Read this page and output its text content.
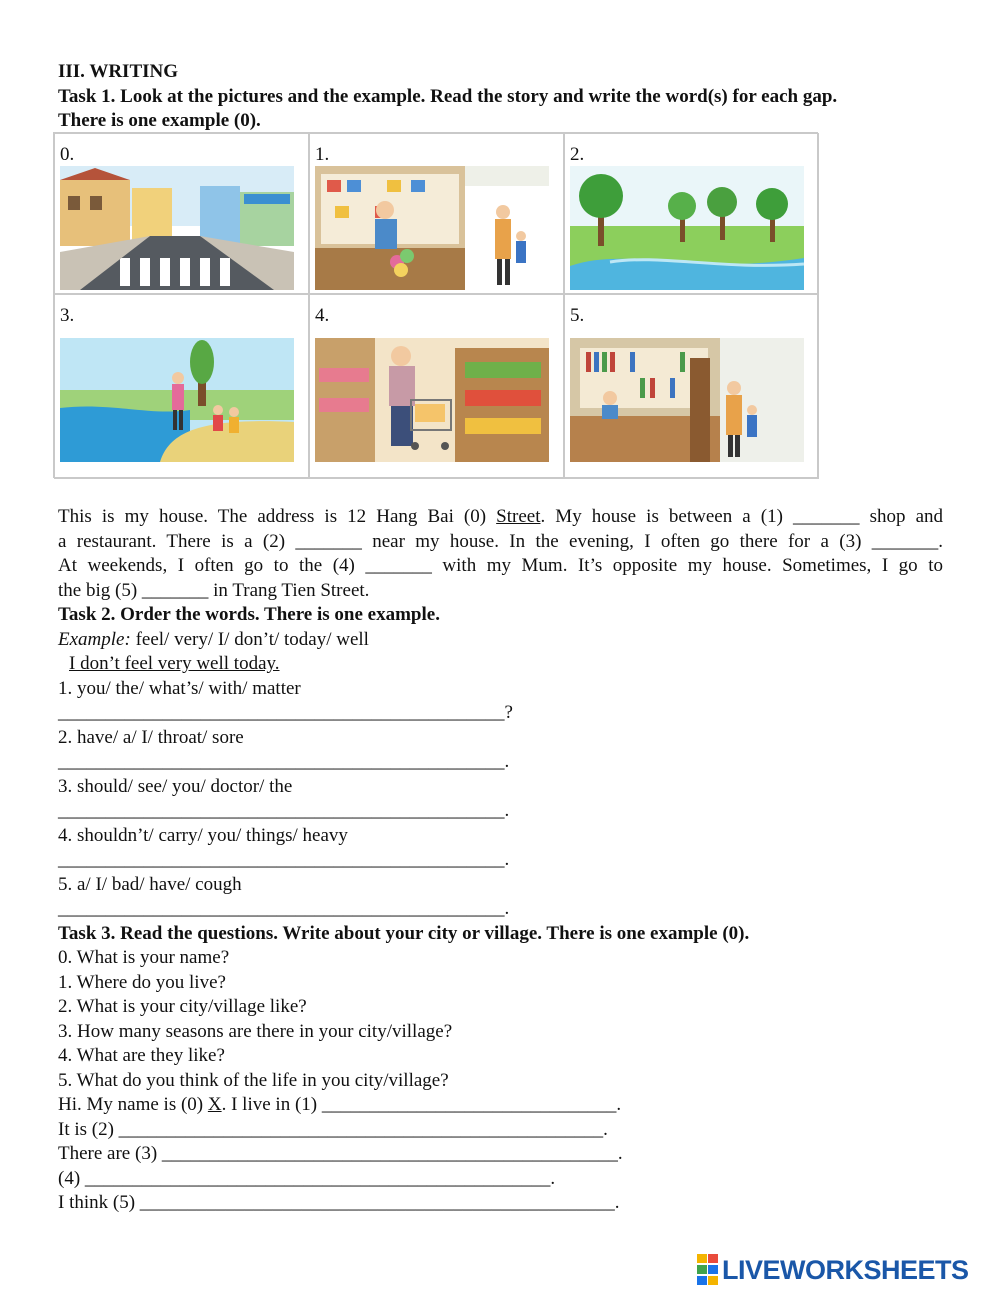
III. WRITING
Task 1. Look at the pictures and the example. Read the story and write the word(s) for each gap.
There is one example (0).
0.	1.	2.
3.	4.	5.
This is my house. The address is 12 Hang Bai (0) Street. My house is between a (1) _______ shop and
a restaurant. There is a (2) _______ near my house. In the evening, I often go there for a (3) _______.
At weekends, I often go to the (4) _______ with my Mum. It’s opposite my house. Sometimes, I go to
the big (5) _______ in Trang Tien Street.
Task 2. Order the words. There is one example.
Example: feel/ very/ I/ don’t/ today/ well
I don’t feel very well today.
1. you/ the/ what’s/ with/ matter
_______________________________________________?
2. have/ a/ I/ throat/ sore
_______________________________________________.
3. should/ see/ you/ doctor/ the
_______________________________________________.
4. shouldn’t/ carry/ you/ things/ heavy
_______________________________________________.
5. a/ I/ bad/ have/ cough
_______________________________________________.
Task 3. Read the questions. Write about your city or village. There is one example (0).
0. What is your name?
1. Where do you live?
2. What is your city/village like?
3. How many seasons are there in your city/village?
4. What are they like?
5. What do you think of the life in you city/village?
Hi. My name is (0) X. I live in (1) _______________________________.
It is (2) ___________________________________________________.
There are (3) ________________________________________________.
(4) _________________________________________________.
I think (5) __________________________________________________.
LIVEWORKSHEETS
